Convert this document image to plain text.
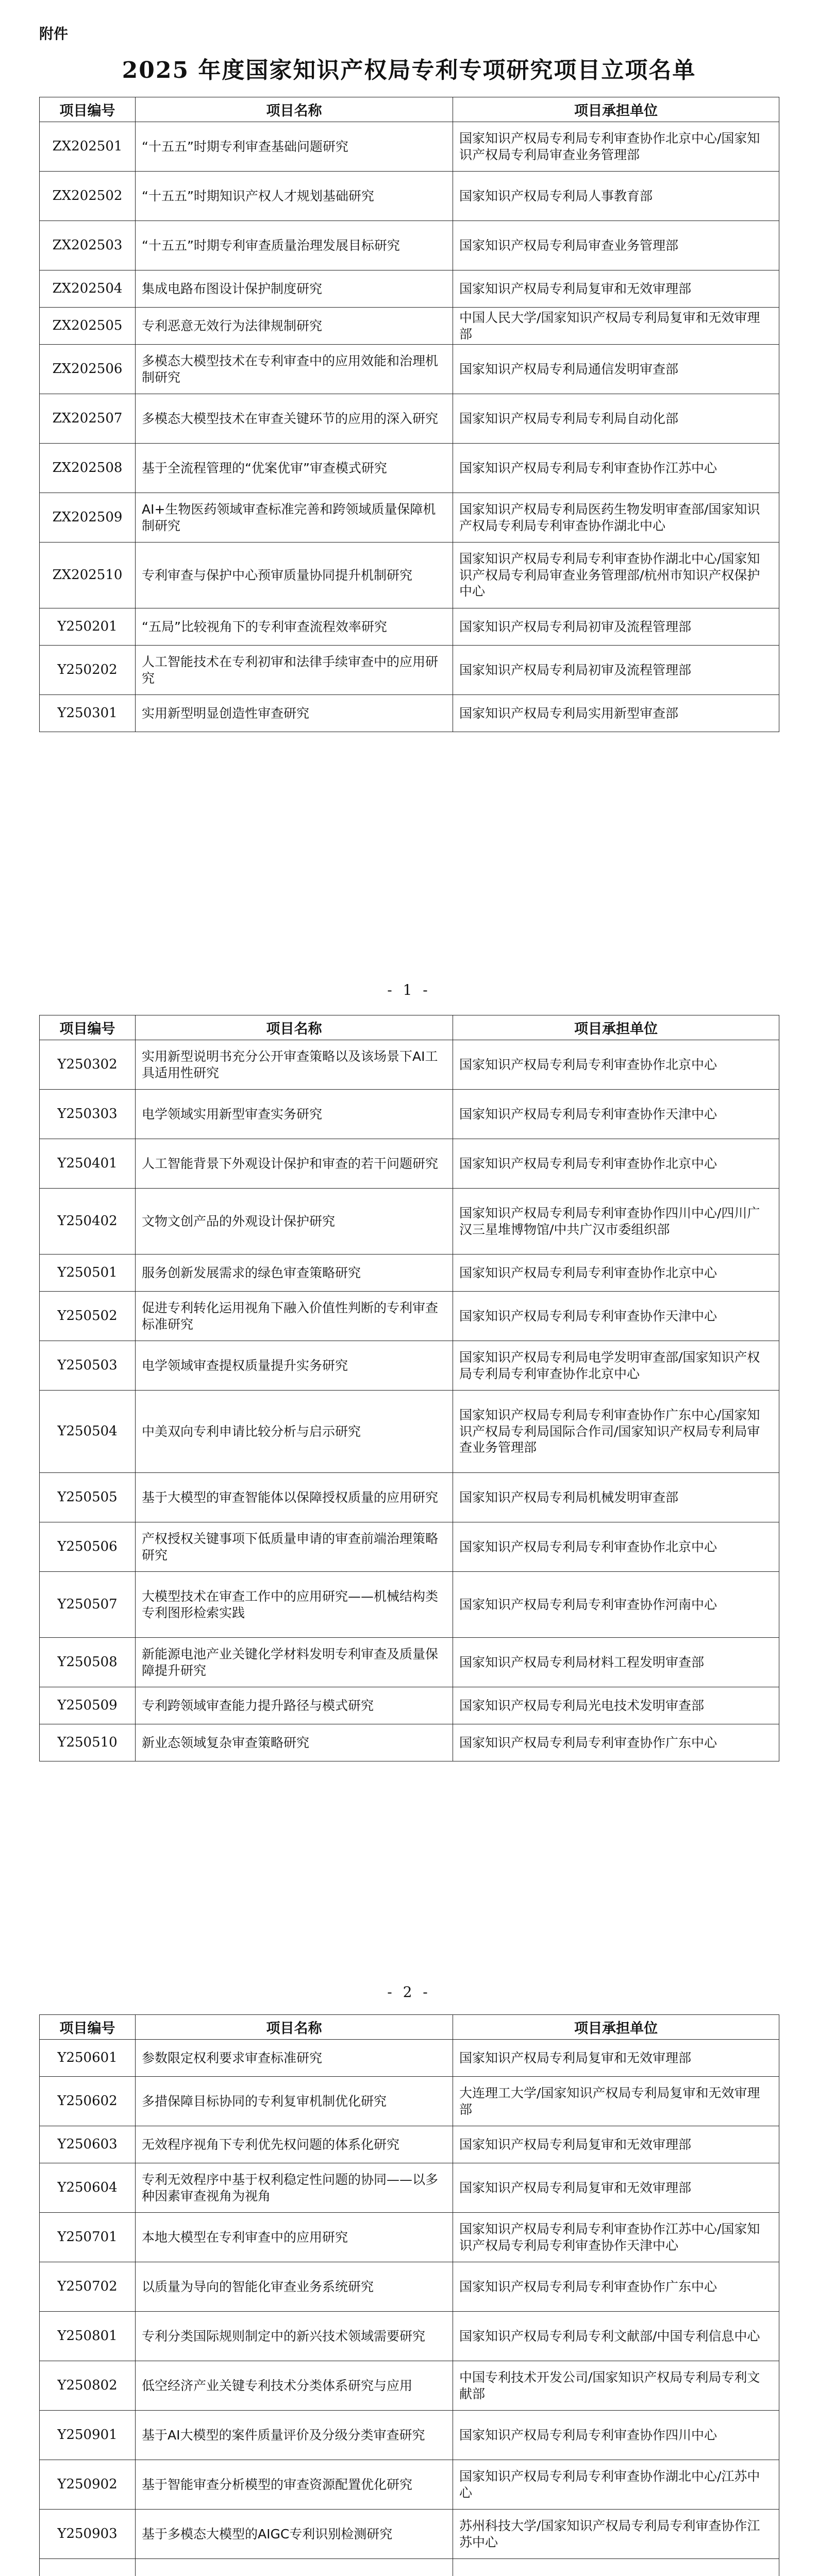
附件
2025 年度国家知识产权局专利专项研究项目立项名单
项目编号	项目名称	项目承担单位
ZX202501	“十五五”时期专利审查基础问题研究	国家知识产权局专利局专利审查协作北京中心/国家知识产权局专利局审查业务管理部
ZX202502	“十五五”时期知识产权人才规划基础研究	国家知识产权局专利局人事教育部
ZX202503	“十五五”时期专利审查质量治理发展目标研究	国家知识产权局专利局审查业务管理部
ZX202504	集成电路布图设计保护制度研究	国家知识产权局专利局复审和无效审理部
ZX202505	专利恶意无效行为法律规制研究	中国人民大学/国家知识产权局专利局复审和无效审理部
ZX202506	多模态大模型技术在专利审查中的应用效能和治理机制研究	国家知识产权局专利局通信发明审查部
ZX202507	多模态大模型技术在审查关键环节的应用的深入研究	国家知识产权局专利局专利局自动化部
ZX202508	基于全流程管理的“优案优审”审查模式研究	国家知识产权局专利局专利审查协作江苏中心
ZX202509	AI+生物医药领域审查标准完善和跨领域质量保障机制研究	国家知识产权局专利局医药生物发明审查部/国家知识产权局专利局专利审查协作湖北中心
ZX202510	专利审查与保护中心预审质量协同提升机制研究	国家知识产权局专利局专利审查协作湖北中心/国家知识产权局专利局审查业务管理部/杭州市知识产权保护中心
Y250201	“五局”比较视角下的专利审查流程效率研究	国家知识产权局专利局初审及流程管理部
Y250202	人工智能技术在专利初审和法律手续审查中的应用研究	国家知识产权局专利局初审及流程管理部
Y250301	实用新型明显创造性审查研究	国家知识产权局专利局实用新型审查部
- 1 -
项目编号	项目名称	项目承担单位
Y250302	实用新型说明书充分公开审查策略以及该场景下AI工具适用性研究	国家知识产权局专利局专利审查协作北京中心
Y250303	电学领域实用新型审查实务研究	国家知识产权局专利局专利审查协作天津中心
Y250401	人工智能背景下外观设计保护和审查的若干问题研究	国家知识产权局专利局专利审查协作北京中心
Y250402	文物文创产品的外观设计保护研究	国家知识产权局专利局专利审查协作四川中心/四川广汉三星堆博物馆/中共广汉市委组织部
Y250501	服务创新发展需求的绿色审查策略研究	国家知识产权局专利局专利审查协作北京中心
Y250502	促进专利转化运用视角下融入价值性判断的专利审查标准研究	国家知识产权局专利局专利审查协作天津中心
Y250503	电学领域审查提权质量提升实务研究	国家知识产权局专利局电学发明审查部/国家知识产权局专利局专利审查协作北京中心
Y250504	中美双向专利申请比较分析与启示研究	国家知识产权局专利局专利审查协作广东中心/国家知识产权局专利局国际合作司/国家知识产权局专利局审查业务管理部
Y250505	基于大模型的审查智能体以保障授权质量的应用研究	国家知识产权局专利局机械发明审查部
Y250506	产权授权关键事项下低质量申请的审查前端治理策略研究	国家知识产权局专利局专利审查协作北京中心
Y250507	大模型技术在审查工作中的应用研究——机械结构类专利图形检索实践	国家知识产权局专利局专利审查协作河南中心
Y250508	新能源电池产业关键化学材料发明专利审查及质量保障提升研究	国家知识产权局专利局材料工程发明审查部
Y250509	专利跨领域审查能力提升路径与模式研究	国家知识产权局专利局光电技术发明审查部
Y250510	新业态领域复杂审查策略研究	国家知识产权局专利局专利审查协作广东中心
- 2 -
项目编号	项目名称	项目承担单位
Y250601	参数限定权利要求审查标准研究	国家知识产权局专利局复审和无效审理部
Y250602	多措保障目标协同的专利复审机制优化研究	大连理工大学/国家知识产权局专利局复审和无效审理部
Y250603	无效程序视角下专利优先权问题的体系化研究	国家知识产权局专利局复审和无效审理部
Y250604	专利无效程序中基于权利稳定性问题的协同——以多种因素审查视角为视角	国家知识产权局专利局复审和无效审理部
Y250701	本地大模型在专利审查中的应用研究	国家知识产权局专利局专利审查协作江苏中心/国家知识产权局专利局专利审查协作天津中心
Y250702	以质量为导向的智能化审查业务系统研究	国家知识产权局专利局专利审查协作广东中心
Y250801	专利分类国际规则制定中的新兴技术领域需要研究	国家知识产权局专利局专利文献部/中国专利信息中心
Y250802	低空经济产业关键专利技术分类体系研究与应用	中国专利技术开发公司/国家知识产权局专利局专利文献部
Y250901	基于AI大模型的案件质量评价及分级分类审查研究	国家知识产权局专利局专利审查协作四川中心
Y250902	基于智能审查分析模型的审查资源配置优化研究	国家知识产权局专利局专利审查协作湖北中心/江苏中心
Y250903	基于多模态大模型的AIGC专利识别检测研究	苏州科技大学/国家知识产权局专利局专利审查协作江苏中心
